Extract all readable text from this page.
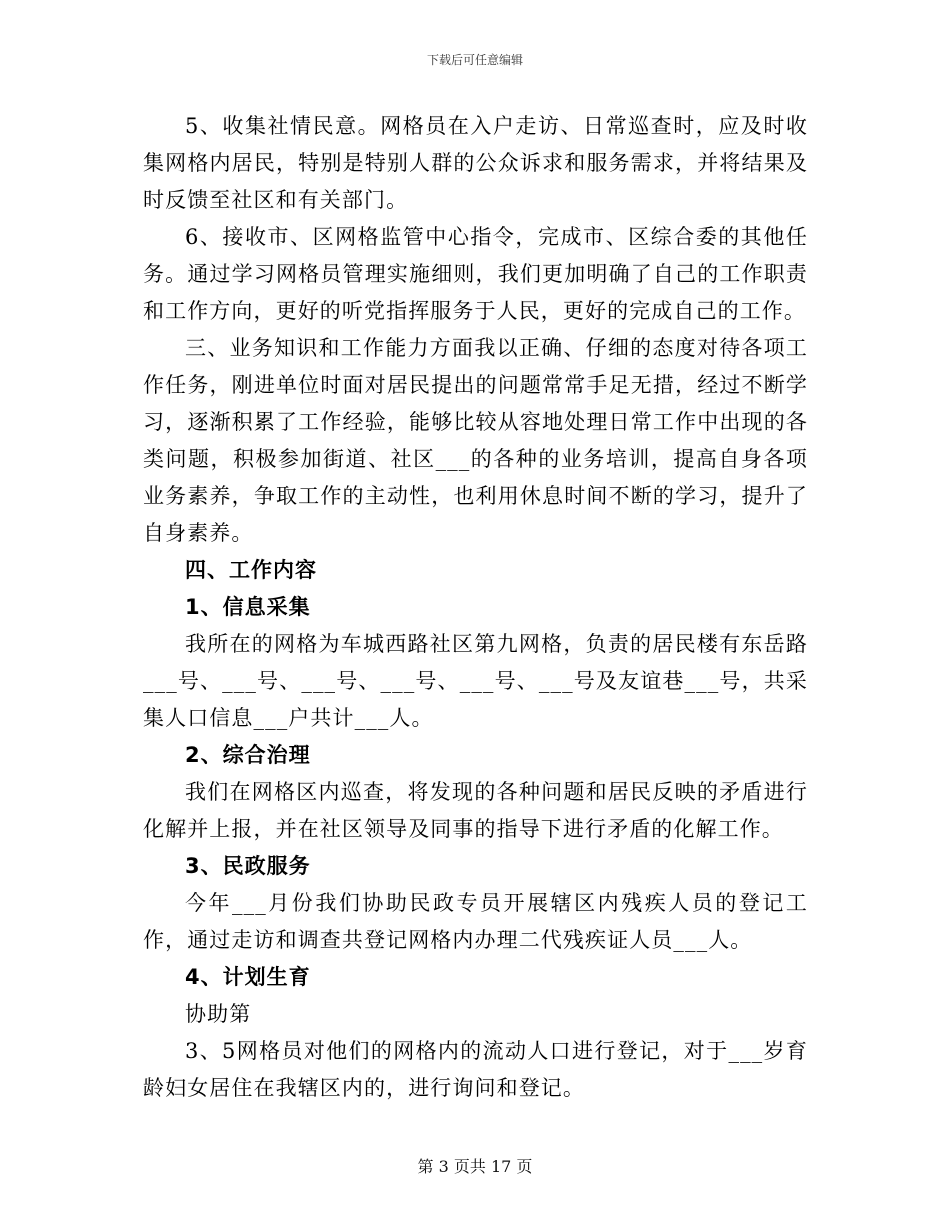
下载后可任意编辑

5、收集社情民意。网格员在入户走访、日常巡查时，应及时收集网格内居民，特别是特别人群的公众诉求和服务需求，并将结果及时反馈至社区和有关部门。

6、接收市、区网格监管中心指令，完成市、区综合委的其他任务。通过学习网格员管理实施细则，我们更加明确了自己的工作职责和工作方向，更好的听党指挥服务于人民，更好的完成自己的工作。

三、业务知识和工作能力方面我以正确、仔细的态度对待各项工作任务，刚进单位时面对居民提出的问题常常手足无措，经过不断学习，逐渐积累了工作经验，能够比较从容地处理日常工作中出现的各类问题，积极参加街道、社区___的各种的业务培训，提高自身各项业务素养，争取工作的主动性，也利用休息时间不断的学习，提升了自身素养。

四、工作内容
1、信息采集

我所在的网格为车城西路社区第九网格，负责的居民楼有东岳路___号、___号、___号、___号、___号、___号及友谊巷___号，共采集人口信息___户共计___人。

2、综合治理

我们在网格区内巡查，将发现的各种问题和居民反映的矛盾进行化解并上报，并在社区领导及同事的指导下进行矛盾的化解工作。

3、民政服务

今年___月份我们协助民政专员开展辖区内残疾人员的登记工作，通过走访和调查共登记网格内办理二代残疾证人员___人。

4、计划生育

协助第

3、5网格员对他们的网格内的流动人口进行登记，对于___岁育龄妇女居住在我辖区内的，进行询问和登记。

第 3 页共 17 页
